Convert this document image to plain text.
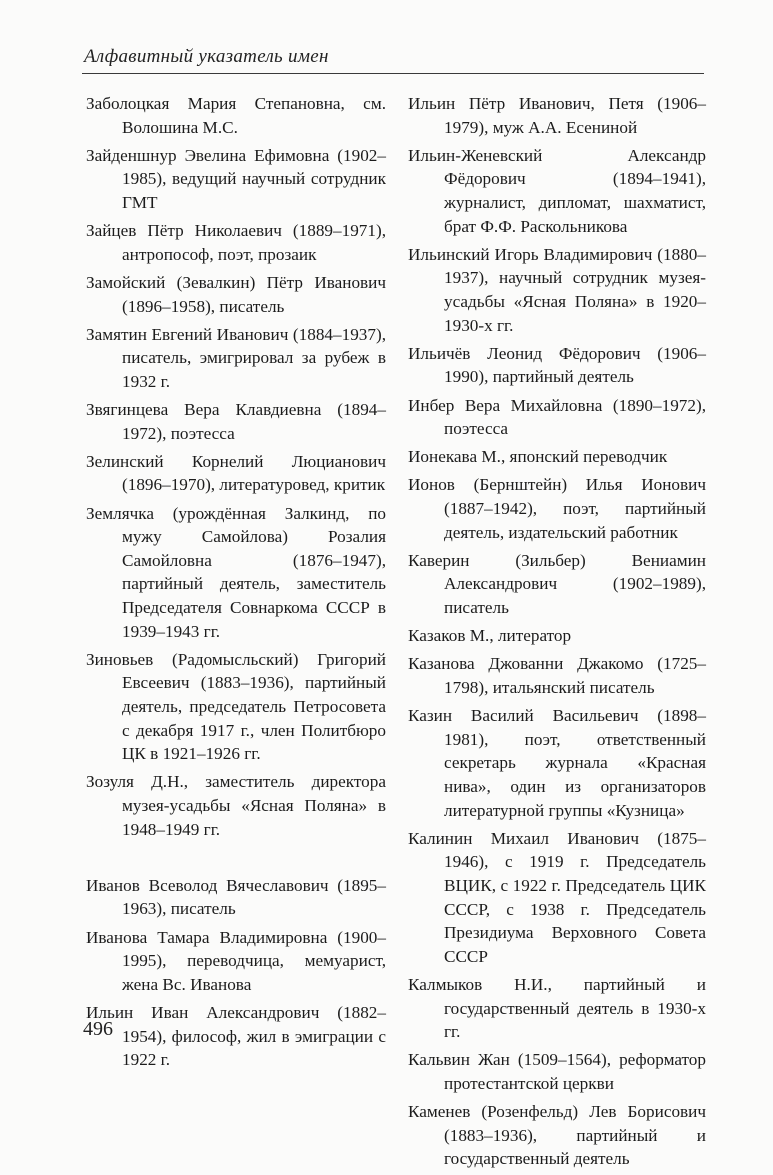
Алфавитный указатель имен

Заболоцкая Мария Степановна, см. Волошина М.С.

Зайденшнур Эвелина Ефимовна (1902–1985), ведущий научный сотрудник ГМТ

Зайцев Пётр Николаевич (1889–1971), антропософ, поэт, прозаик

Замойский (Зевалкин) Пётр Иванович (1896–1958), писатель

Замятин Евгений Иванович (1884–1937), писатель, эмигрировал за рубеж в 1932 г.

Звягинцева Вера Клавдиевна (1894–1972), поэтесса

Зелинский Корнелий Люцианович (1896–1970), литературовед, критик

Землячка (урождённая Залкинд, по мужу Самойлова) Розалия Самойловна (1876–1947), партийный деятель, заместитель Председателя Совнаркома СССР в 1939–1943 гг.

Зиновьев (Радомысльский) Григорий Евсеевич (1883–1936), партийный деятель, председатель Петросовета с декабря 1917 г., член Политбюро ЦК в 1921–1926 гг.

Зозуля Д.Н., заместитель директора музея-усадьбы «Ясная Поляна» в 1948–1949 гг.

Иванов Всеволод Вячеславович (1895–1963), писатель

Иванова Тамара Владимировна (1900–1995), переводчица, мемуарист, жена Вс. Иванова

Ильин Иван Александрович (1882–1954), философ, жил в эмиграции с 1922 г.

Ильин Пётр Иванович, Петя (1906–1979), муж А.А. Есениной

Ильин-Женевский Александр Фёдорович (1894–1941), журналист, дипломат, шахматист, брат Ф.Ф. Раскольникова

Ильинский Игорь Владимирович (1880–1937), научный сотрудник музея-усадьбы «Ясная Поляна» в 1920–1930-х гг.

Ильичёв Леонид Фёдорович (1906–1990), партийный деятель

Инбер Вера Михайловна (1890–1972), поэтесса

Ионекава М., японский переводчик

Ионов (Бернштейн) Илья Ионович (1887–1942), поэт, партийный деятель, издательский работник

Каверин (Зильбер) Вениамин Александрович (1902–1989), писатель

Казаков М., литератор

Казанова Джованни Джакомо (1725–1798), итальянский писатель

Казин Василий Васильевич (1898–1981), поэт, ответственный секретарь журнала «Красная нива», один из организаторов литературной группы «Кузница»

Калинин Михаил Иванович (1875–1946), с 1919 г. Председатель ВЦИК, с 1922 г. Председатель ЦИК СССР, с 1938 г. Председатель Президиума Верховного Совета СССР

Калмыков Н.И., партийный и государственный деятель в 1930-х гг.

Кальвин Жан (1509–1564), реформатор протестантской церкви

Каменев (Розенфельд) Лев Борисович (1883–1936), партийный и государственный деятель

496
